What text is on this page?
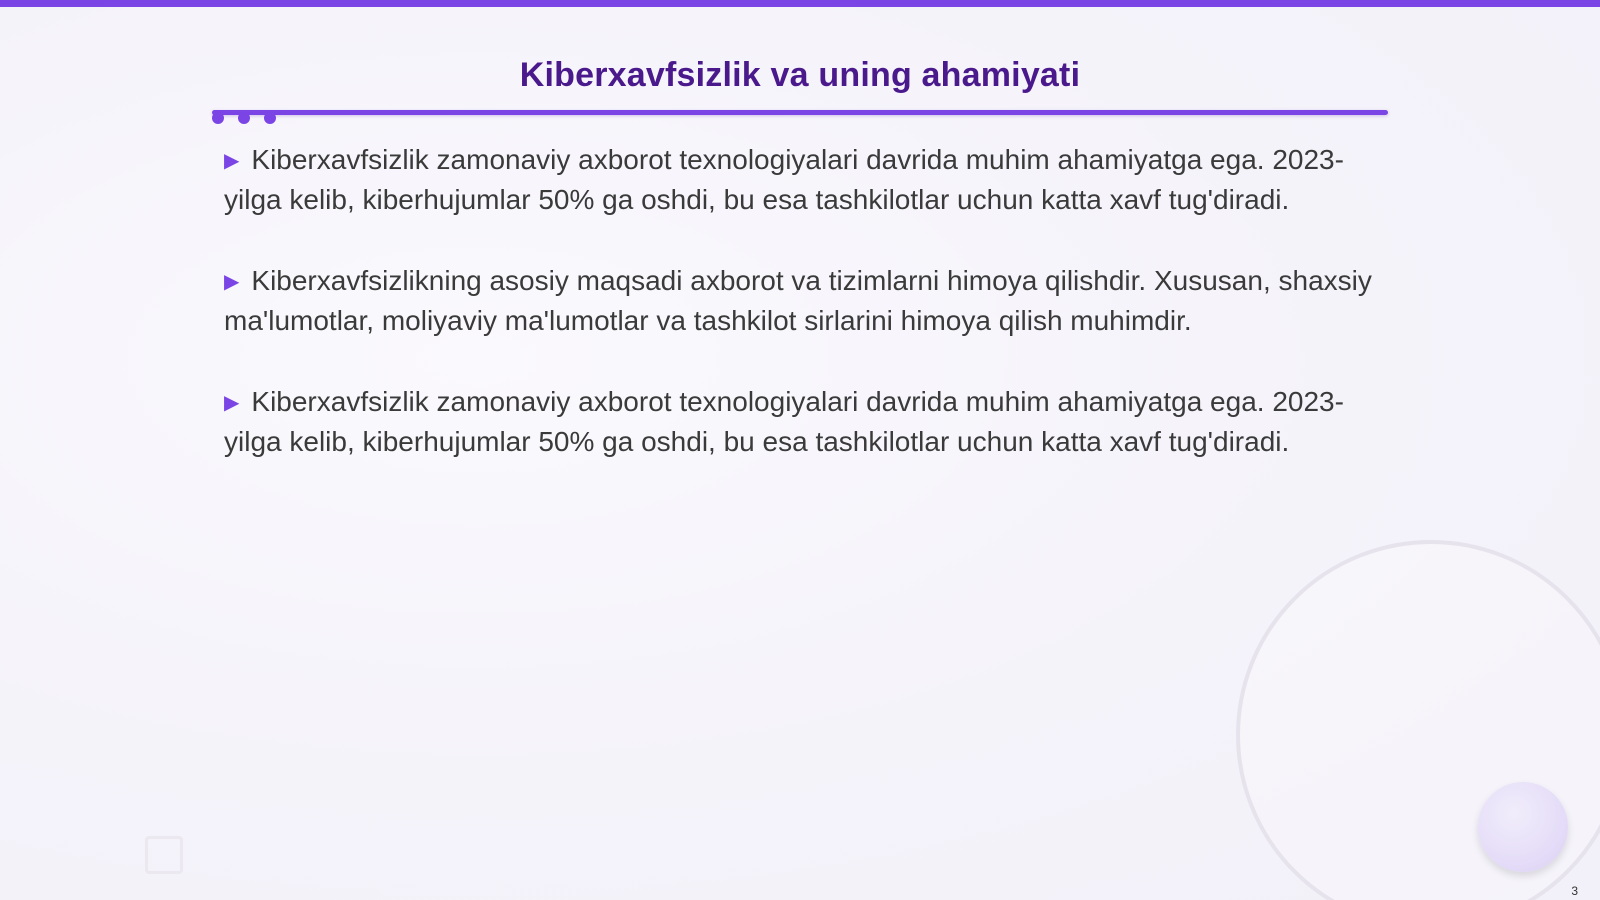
Kiberxavfsizlik va uning ahamiyati

▶ Kiberxavfsizlik zamonaviy axborot texnologiyalari davrida muhim ahamiyatga ega. 2023-yilga kelib, kiberhujumlar 50% ga oshdi, bu esa tashkilotlar uchun katta xavf tug'diradi.

▶ Kiberxavfsizlikning asosiy maqsadi axborot va tizimlarni himoya qilishdir. Xususan, shaxsiy ma'lumotlar, moliyaviy ma'lumotlar va tashkilot sirlarini himoya qilish muhimdir.

▶ Kiberxavfsizlik zamonaviy axborot texnologiyalari davrida muhim ahamiyatga ega. 2023-yilga kelib, kiberhujumlar 50% ga oshdi, bu esa tashkilotlar uchun katta xavf tug'diradi.

3
